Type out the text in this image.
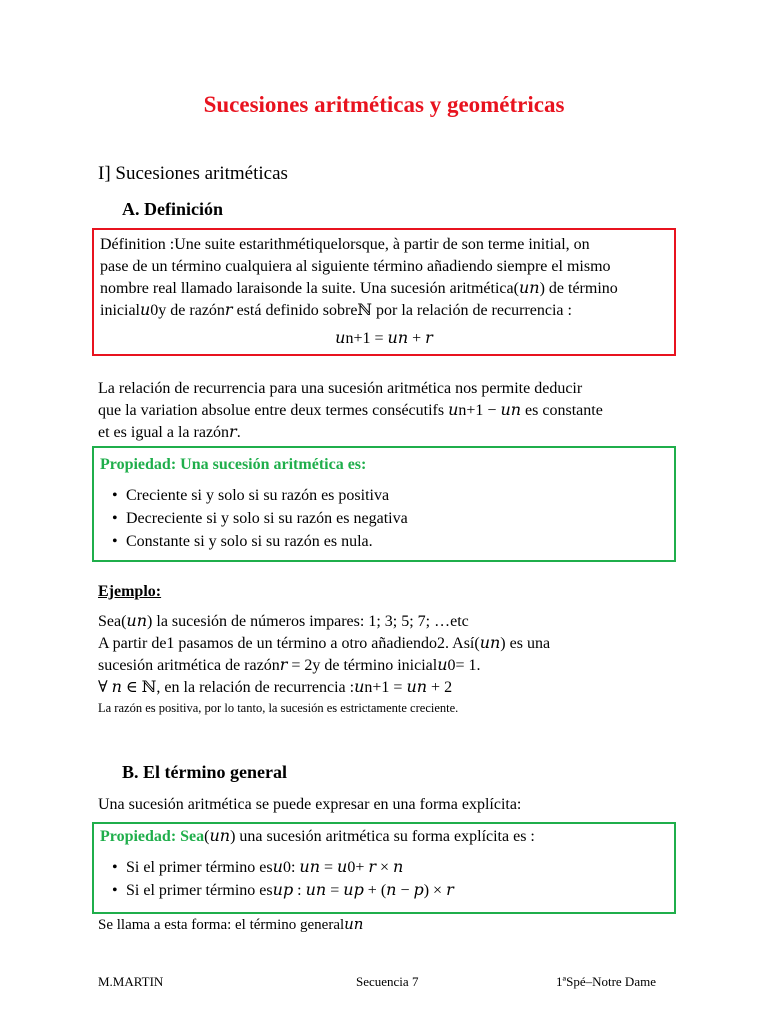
Sucesiones aritméticas y geométricas
I] Sucesiones aritméticas
A. Definición
Définition :Une suite estarithmétiquelorsque, à partir de son terme initial, on
pase de un término cualquiera al siguiente término añadiendo siempre el mismo
nombre real llamado laraisonde la suite. Una sucesión aritmética(𝑢𝑛) de término
inicial𝑢0y de razón𝑟 está definido sobreℕ por la relación de recurrencia :
𝑢n+1 = 𝑢𝑛 + 𝑟
La relación de recurrencia para una sucesión aritmética nos permite deducir
que la variation absolue entre deux termes consécutifs 𝑢n+1 − 𝑢𝑛 es constante
et es igual a la razón𝑟.
Propiedad: Una sucesión aritmética es:
• Creciente si y solo si su razón es positiva
• Decreciente si y solo si su razón es negativa
• Constante si y solo si su razón es nula.
Ejemplo:
Sea(𝑢𝑛) la sucesión de números impares: 1; 3; 5; 7; …etc
A partir de1 pasamos de un término a otro añadiendo2. Así(𝑢𝑛) es una
sucesión aritmética de razón𝑟 = 2y de término inicial𝑢0= 1.
∀ 𝑛 ∈ ℕ, en la relación de recurrencia :𝑢n+1 = 𝑢𝑛 + 2
La razón es positiva, por lo tanto, la sucesión es estrictamente creciente.
B. El término general
Una sucesión aritmética se puede expresar en una forma explícita:
Propiedad: Sea(𝑢𝑛) una sucesión aritmética su forma explícita es :
• Si el primer término es𝑢0: 𝑢𝑛 = 𝑢0+ 𝑟 × 𝑛
• Si el primer término es𝑢𝑝 : 𝑢𝑛 = 𝑢𝑝 + (𝑛 − 𝑝) × 𝑟
Se llama a esta forma: el término general𝑢𝑛
M.MARTIN	Secuencia 7	1ªSpé–Notre Dame
